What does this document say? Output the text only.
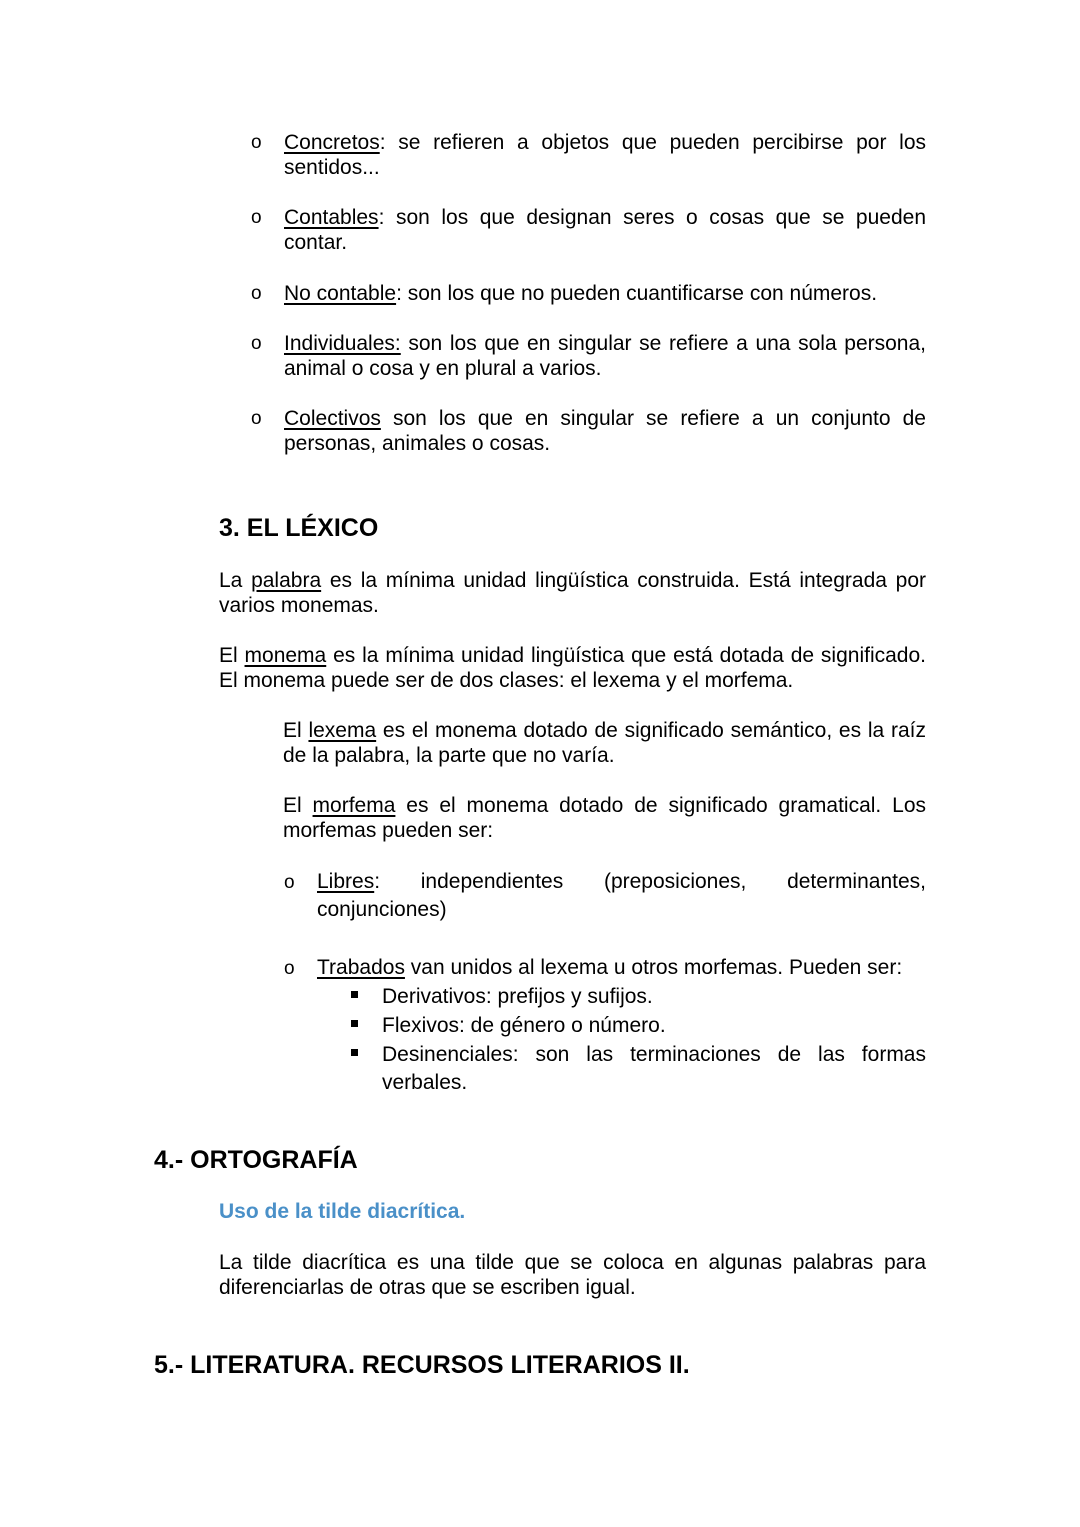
o Concretos: se refieren a objetos que pueden percibirse por los
sentidos...
o Contables: son los que designan seres o cosas que se pueden
contar.
o No contable: son los que no pueden cuantificarse con números.
o Individuales: son los que en singular se refiere a una sola persona,
animal o cosa y en plural a varios.
o Colectivos son los que en singular se refiere a un conjunto de
personas, animales o cosas.
3. EL LÉXICO
La palabra es la mínima unidad lingüística construida. Está integrada por
varios monemas.
El monema es la mínima unidad lingüística que está dotada de significado.
El monema puede ser de dos clases: el lexema y el morfema.
El lexema es el monema dotado de significado semántico, es la raíz
de la palabra, la parte que no varía.
El morfema es el monema dotado de significado gramatical. Los
morfemas pueden ser:
o Libres:      independientes      (preposiciones,      determinantes,
conjunciones)
o Trabados van unidos al lexema u otros morfemas. Pueden ser:
Derivativos: prefijos y sufijos.
Flexivos: de género o número.
Desinenciales: son las terminaciones de las formas
verbales.
4.- ORTOGRAFÍA
Uso de la tilde diacrítica.
La tilde diacrítica es una tilde que se coloca en algunas palabras para
diferenciarlas de otras que se escriben igual.
5.- LITERATURA. RECURSOS LITERARIOS II.
